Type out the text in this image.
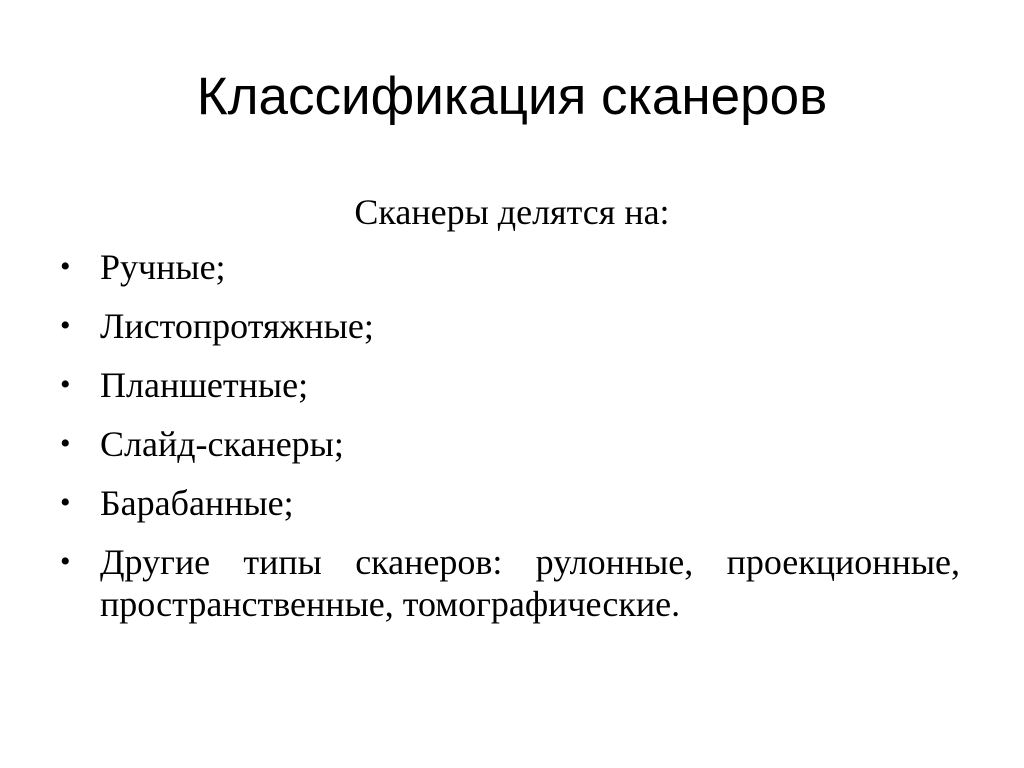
Классификация сканеров

Сканеры делятся на:

• Ручные;
• Листопротяжные;
• Планшетные;
• Слайд-сканеры;
• Барабанные;
• Другие типы сканеров: рулонные, проекционные, пространственные, томографические.
